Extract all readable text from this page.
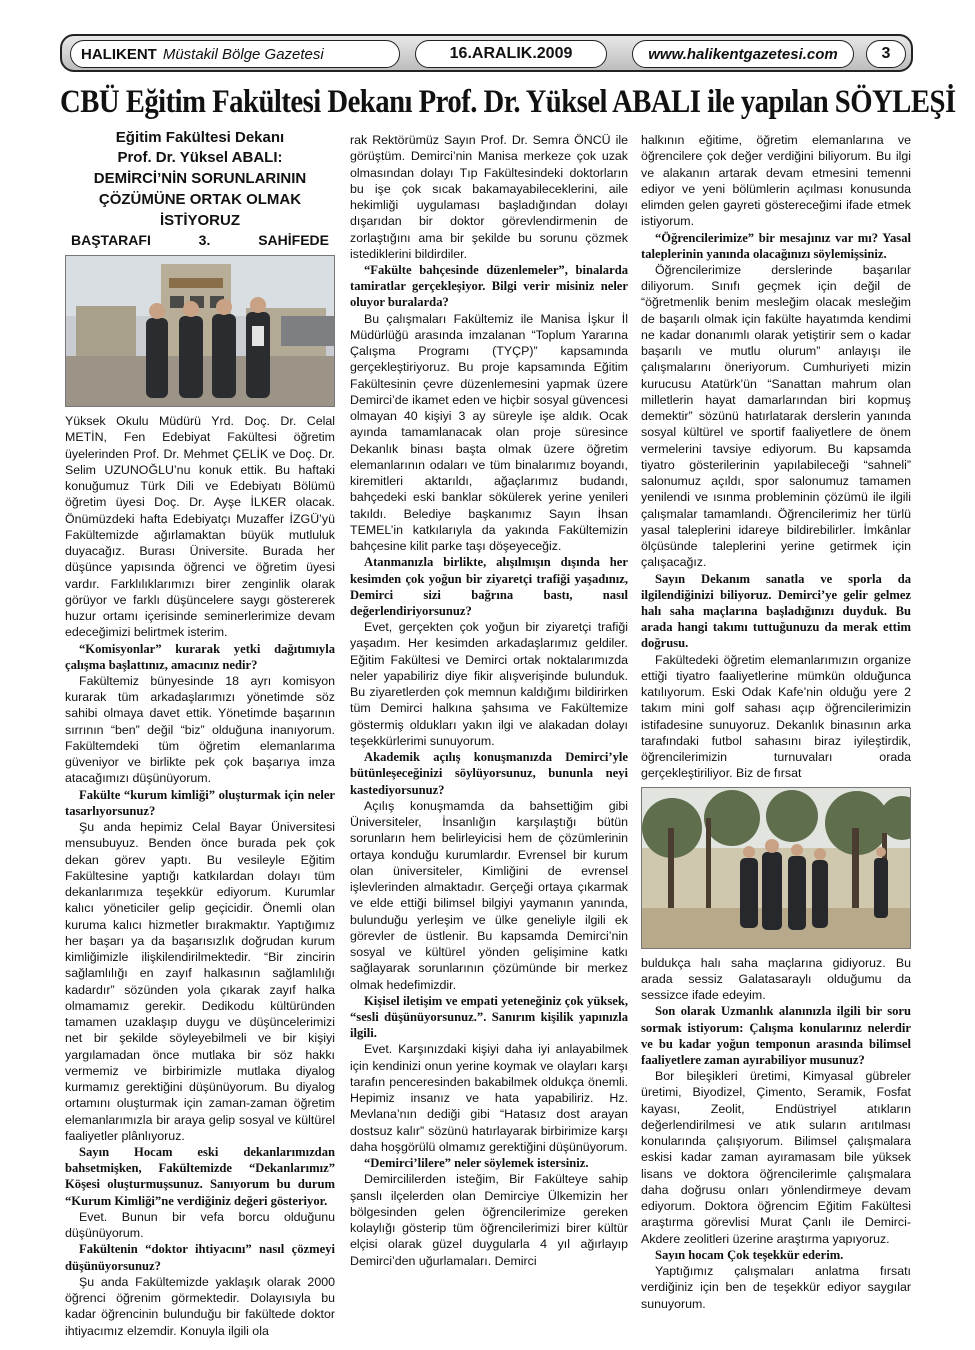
HALIKENT Müstakil Bölge Gazetesi	16.ARALIK.2009	www.halikentgazetesi.com	3
CBÜ Eğitim Fakültesi Dekanı Prof. Dr. Yüksel ABALI ile yapılan SÖYLEŞİ
Eğitim Fakültesi Dekanı
Prof. Dr. Yüksel ABALI:
DEMİRCİ’NİN SORUNLARININ
ÇÖZÜMÜNE ORTAK OLMAK
İSTİYORUZ
BAŞTARAFI	3.	SAHİFEDE

Yüksek Okulu Müdürü Yrd. Doç. Dr. Celal METİN, Fen Edebiyat Fakültesi öğretim üyelerinden Prof. Dr. Mehmet ÇELİK ve Doç. Dr. Selim UZUNOĞLU’nu konuk ettik. Bu haftaki konuğumuz Türk Dili ve Edebiyatı Bölümü öğretim üyesi Doç. Dr. Ayşe İLKER olacak. Önümüzdeki hafta Edebiyatçı Muzaffer İZGÜ’yü Fakültemizde ağırlamaktan büyük mutluluk duyacağız. Burası Üniversite. Burada her düşünce yapısında öğrenci ve öğretim üyesi vardır. Farklılıklarımızı birer zenginlik olarak görüyor ve farklı düşüncelere saygı göstererek huzur ortamı içerisinde seminerlerimize devam edeceğimizi belirtmek isterim.

“Komisyonlar” kurarak yetki dağıtımıyla çalışma başlattınız, amacınız nedir?

Fakültemiz bünyesinde 18 ayrı komisyon kurarak tüm arkadaşlarımızı yönetimde söz sahibi olmaya davet ettik. Yönetimde başarının sırrının “ben” değil “biz” olduğuna inanıyorum. Fakültemdeki tüm öğretim elemanlarıma güveniyor ve birlikte pek çok başarıya imza atacağımızı düşünüyorum.

Fakülte “kurum kimliği” oluşturmak için neler tasarlıyorsunuz?

Şu anda hepimiz Celal Bayar Üniversitesi mensubuyuz. Benden önce burada pek çok dekan görev yaptı. Bu vesileyle Eğitim Fakültesine yaptığı katkılardan dolayı tüm dekanlarımıza teşekkür ediyorum. Kurumlar kalıcı yöneticiler gelip geçicidir. Önemli olan kuruma kalıcı hizmetler bırakmaktır. Yaptığımız her başarı ya da başarısızlık doğrudan kurum kimliğimizle ilişkilendirilmektedir. “Bir zincirin sağlamlılığı en zayıf halkasının sağlamlılığı kadardır” sözünden yola çıkarak zayıf halka olmamamız gerekir. Dedikodu kültüründen tamamen uzaklaşıp duygu ve düşüncelerimizi net bir şekilde söyleyebilmeli ve bir kişiyi yargılamadan önce mutlaka bir söz hakkı vermemiz ve birbirimizle mutlaka diyalog kurmamız gerektiğini düşünüyorum. Bu diyalog ortamını oluşturmak için zaman-zaman öğretim elemanlarımızla bir araya gelip sosyal ve kültürel faaliyetler plânlıyoruz.

Sayın Hocam eski dekanlarımızdan bahsetmişken, Fakültemizde “Dekanlarımız” Köşesi oluşturmuşsunuz. Sanıyorum bu durum “Kurum Kimliği”ne verdiğiniz değeri gösteriyor.

Evet. Bunun bir vefa borcu olduğunu düşünüyorum.

Fakültenin “doktor ihtiyacını” nasıl çözmeyi düşünüyorsunuz?

Şu anda Fakültemizde yaklaşık olarak 2000 öğrenci öğrenim görmektedir. Dolayısıyla bu kadar öğrencinin bulunduğu bir fakültede doktor ihtiyacımız elzemdir. Konuyla ilgili ola

rak Rektörümüz Sayın Prof. Dr. Semra ÖNCÜ ile görüştüm. Demirci’nin Manisa merkeze çok uzak olmasından dolayı Tıp Fakültesindeki doktorların bu işe çok sıcak bakamayabileceklerini, aile hekimliği uygulaması başladığından dolayı dışarıdan bir doktor görevlendirmenin de zorlaştığını ama bir şekilde bu sorunu çözmek istediklerini bildirdiler.

“Fakülte bahçesinde düzenlemeler”, binalarda tamiratlar gerçekleşiyor. Bilgi verir misiniz neler oluyor buralarda?

Bu çalışmaları Fakültemiz ile Manisa İşkur İl Müdürlüğü arasında imzalanan “Toplum Yararına Çalışma Programı (TYÇP)” kapsamında gerçekleştiriyoruz. Bu proje kapsamında Eğitim Fakültesinin çevre düzenlemesini yapmak üzere Demirci’de ikamet eden ve hiçbir sosyal güvencesi olmayan 40 kişiyi 3 ay süreyle işe aldık. Ocak ayında tamamlanacak olan proje süresince Dekanlık binası başta olmak üzere öğretim elemanlarının odaları ve tüm binalarımız boyandı, kiremitleri aktarıldı, ağaçlarımız budandı, bahçedeki eski banklar sökülerek yerine yenileri takıldı. Belediye başkanımız Sayın İhsan TEMEL’in katkılarıyla da yakında Fakültemizin bahçesine kilit parke taşı döşeyeceğiz.

Atanmanızla birlikte, alışılmışın dışında her kesimden çok yoğun bir ziyaretçi trafiği yaşadınız, Demirci sizi bağrına bastı, nasıl değerlendiriyorsunuz?

Evet, gerçekten çok yoğun bir ziyaretçi trafiği yaşadım. Her kesimden arkadaşlarımız geldiler. Eğitim Fakültesi ve Demirci ortak noktalarımızda neler yapabiliriz diye fikir alışverişinde bulunduk. Bu ziyaretlerden çok memnun kaldığımı bildirirken tüm Demirci halkına şahsıma ve Fakültemize göstermiş oldukları yakın ilgi ve alakadan dolayı teşekkürlerimi sunuyorum.

Akademik açılış konuşmanızda Demirci’yle bütünleşeceğinizi söylüyorsunuz, bununla neyi kastediyorsunuz?

Açılış konuşmamda da bahsettiğim gibi Üniversiteler, İnsanlığın karşılaştığı bütün sorunların hem belirleyicisi hem de çözümlerinin ortaya konduğu kurumlardır. Evrensel bir kurum olan üniversiteler, Kimliğini de evrensel işlevlerinden almaktadır. Gerçeği ortaya çıkarmak ve elde ettiği bilimsel bilgiyi yaymanın yanında, bulunduğu yerleşim ve ülke geneliyle ilgili ek görevler de üstlenir. Bu kapsamda Demirci’nin sosyal ve kültürel yönden gelişimine katkı sağlayarak sorunlarının çözümünde bir merkez olmak hedefimizdir.

Kişisel iletişim ve empati yeteneğiniz çok yüksek, “sesli düşünüyorsunuz.”. Sanırım kişilik yapınızla ilgili.

Evet. Karşınızdaki kişiyi daha iyi anlayabilmek için kendinizi onun yerine koymak ve olayları karşı tarafın penceresinden bakabilmek oldukça önemli. Hepimiz insanız ve hata yapabiliriz. Hz. Mevlana’nın dediği gibi “Hatasız dost arayan dostsuz kalır” sözünü hatırlayarak birbirimize karşı daha hoşgörülü olmamız gerektiğini düşünüyorum.

“Demirci’lilere” neler söylemek istersiniz.

Demircililerden isteğim, Bir Fakülteye sahip şanslı ilçelerden olan Demirciye Ülkemizin her bölgesinden gelen öğrencilerimize gereken kolaylığı gösterip tüm öğrencilerimizi birer kültür elçisi olarak güzel duygularla 4 yıl ağırlayıp Demirci’den uğurlamaları. Demirci

halkının eğitime, öğretim elemanlarına ve öğrencilere çok değer verdiğini biliyorum. Bu ilgi ve alakanın artarak devam etmesini temenni ediyor ve yeni bölümlerin açılması konusunda elimden gelen gayreti göstereceğimi ifade etmek istiyorum.

“Öğrencilerimize” bir mesajınız var mı? Yasal taleplerinin yanında olacağınızı söylemişsiniz.

Öğrencilerimize derslerinde başarılar diliyorum. Sınıfı geçmek için değil de “öğretmenlik benim mesleğim olacak mesleğim de başarılı olmak için fakülte hayatımda kendimi ne kadar donanımlı olarak yetiştirir sem o kadar başarılı ve mutlu olurum” anlayışı ile çalışmalarını öneriyorum. Cumhuriyeti mizin kurucusu Atatürk’ün “Sanattan mahrum olan milletlerin hayat damarlarından biri kopmuş demektir” sözünü hatırlatarak derslerin yanında sosyal kültürel ve sportif faaliyetlere de önem vermelerini tavsiye ediyorum. Bu kapsamda tiyatro gösterilerinin yapılabileceği “sahneli” salonumuz açıldı, spor salonumuz tamamen yenilendi ve ısınma probleminin çözümü ile ilgili çalışmalar tamamlandı. Öğrencilerimiz her türlü yasal taleplerini idareye bildirebilirler. İmkânlar ölçüsünde taleplerini yerine getirmek için çalışacağız.

Sayın Dekanım sanatla ve sporla da ilgilendiğinizi biliyoruz. Demirci’ye gelir gelmez halı saha maçlarına başladığınızı duyduk. Bu arada hangi takımı tuttuğunuzu da merak ettim doğrusu.

Fakültedeki öğretim elemanlarımızın organize ettiği tiyatro faaliyetlerine mümkün olduğunca katılıyorum. Eski Odak Kafe’nin olduğu yere 2 takım mini golf sahası açıp öğrencilerimizin istifadesine sunuyoruz. Dekanlık binasının arka tarafındaki futbol sahasını biraz iyileştirdik, öğrencilerimizin turnuvaları orada gerçekleştiriliyor. Biz de fırsat

buldukça halı saha maçlarına gidiyoruz. Bu arada sessiz Galatasaraylı olduğumu da sessizce ifade edeyim.

Son olarak Uzmanlık alanınızla ilgili bir soru sormak istiyorum: Çalışma konularınız nelerdir ve bu kadar yoğun temponun arasında bilimsel faaliyetlere zaman ayırabiliyor musunuz?

Bor bileşikleri üretimi, Kimyasal gübreler üretimi, Biyodizel, Çimento, Seramik, Fosfat kayası, Zeolit, Endüstriyel atıkların değerlendirilmesi ve atık suların arıtılması konularında çalışıyorum. Bilimsel çalışmalara eskisi kadar zaman ayıramasam bile yüksek lisans ve doktora öğrencilerimle çalışmalara daha doğrusu onları yönlendirmeye devam ediyorum. Doktora öğrencim Eğitim Fakültesi araştırma görevlisi Murat Çanlı ile Demirci-Akdere zeolitleri üzerine araştırma yapıyoruz.

Sayın hocam Çok teşekkür ederim.

Yaptığımız çalışmaları anlatma fırsatı verdiğiniz için ben de teşekkür ediyor saygılar sunuyorum.
